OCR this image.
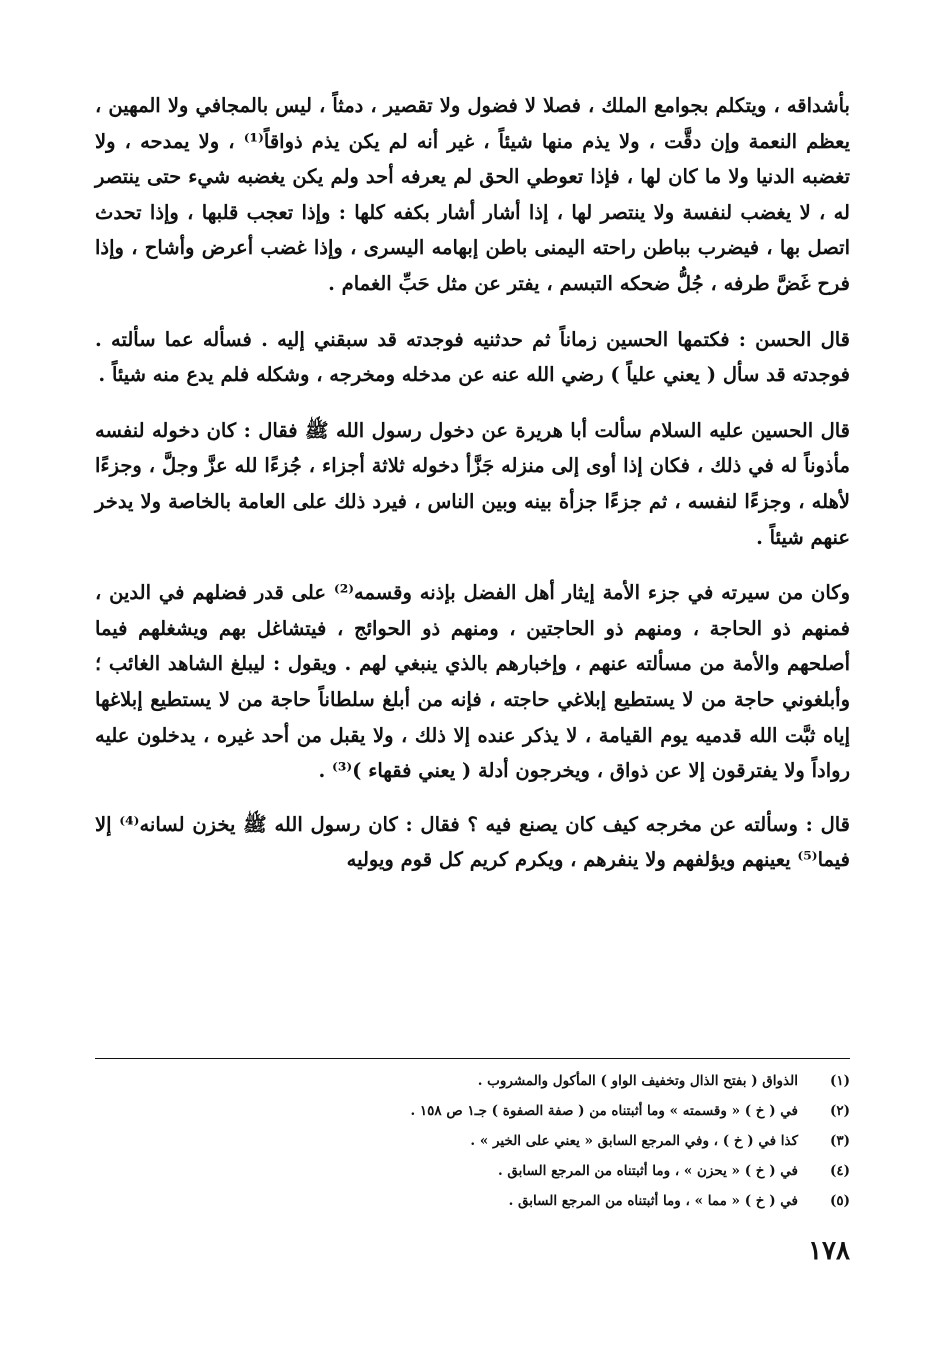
بأشداقه ، ويتكلم بجوامع الملك ، فصلا لا فضول ولا تقصير ، دمثاً ، ليس بالمجافي ولا المهين ، يعظم النعمة وإن دقَّت ، ولا يذم منها شيئاً ، غير أنه لم يكن يذم ذواقاً⁽¹⁾ ، ولا يمدحه ، ولا تغضبه الدنيا ولا ما كان لها ، فإذا تعوطي الحق لم يعرفه أحد ولم يكن يغضبه شيء حتى ينتصر له ، لا يغضب لنفسة ولا ينتصر لها ، إذا أشار أشار بكفه كلها : وإذا تعجب قلبها ، وإذا تحدث اتصل بها ، فيضرب بباطن راحته اليمنى باطن إبهامه اليسرى ، وإذا غضب أعرض وأشاح ، وإذا فرح غَضَّ طرفه ، جُلُّ ضحكه التبسم ، يفتر عن مثل حَبِّ الغمام .

قال الحسن : فكتمها الحسين زماناً ثم حدثنيه فوجدته قد سبقني إليه . فسأله عما سألته . فوجدته قد سأل ( يعني علياً ) رضي الله عنه عن مدخله ومخرجه ، وشكله فلم يدع منه شيئاً .

قال الحسين عليه السلام سألت أبا هريرة عن دخول رسول الله ﷺ فقال : كان دخوله لنفسه مأذوناً له في ذلك ، فكان إذا أوى إلى منزله جَزَّأ دخوله ثلاثة أجزاء ، جُزءًا لله عزَّ وجلَّ ، وجزءًا لأهله ، وجزءًا لنفسه ، ثم جزءًا جزأة بينه وبين الناس ، فيرد ذلك على العامة بالخاصة ولا يدخر عنهم شيئاً .

وكان من سيرته في جزء الأمة إيثار أهل الفضل بإذنه وقسمه⁽²⁾ على قدر فضلهم في الدين ، فمنهم ذو الحاجة ، ومنهم ذو الحاجتين ، ومنهم ذو الحوائج ، فيتشاغل بهم ويشغلهم فيما أصلحهم والأمة من مسألته عنهم ، وإخبارهم بالذي ينبغي لهم . ويقول : ليبلغ الشاهد الغائب ؛ وأبلغوني حاجة من لا يستطيع إبلاغي حاجته ، فإنه من أبلغ سلطاناً حاجة من لا يستطيع إبلاغها إياه ثبَّت الله قدميه يوم القيامة ، لا يذكر عنده إلا ذلك ، ولا يقبل من أحد غيره ، يدخلون عليه رواداً ولا يفترقون إلا عن ذواق ، ويخرجون أدلة ( يعني فقهاء )⁽³⁾ .

قال : وسألته عن مخرجه كيف كان يصنع فيه ؟ فقال : كان رسول الله ﷺ يخزن لسانه⁽⁴⁾ إلا فيما⁽⁵⁾ يعينهم ويؤلفهم ولا ينفرهم ، ويكرم كريم كل قوم ويوليه

(١)
الذواق ( بفتح الذال وتخفيف الواو ) المأكول والمشروب .
(٢)
في ( خ ) « وقسمته » وما أثبتناه من ( صفة الصفوة ) جـ١ ص ١٥٨ .
(٣)
كذا في ( خ ) ، وفي المرجع السابق « يعني على الخير » .
(٤)
في ( خ ) « يحزن » ، وما أثبتناه من المرجع السابق .
(٥)
في ( خ ) « مما » ، وما أثبتناه من المرجع السابق .
١٧٨
